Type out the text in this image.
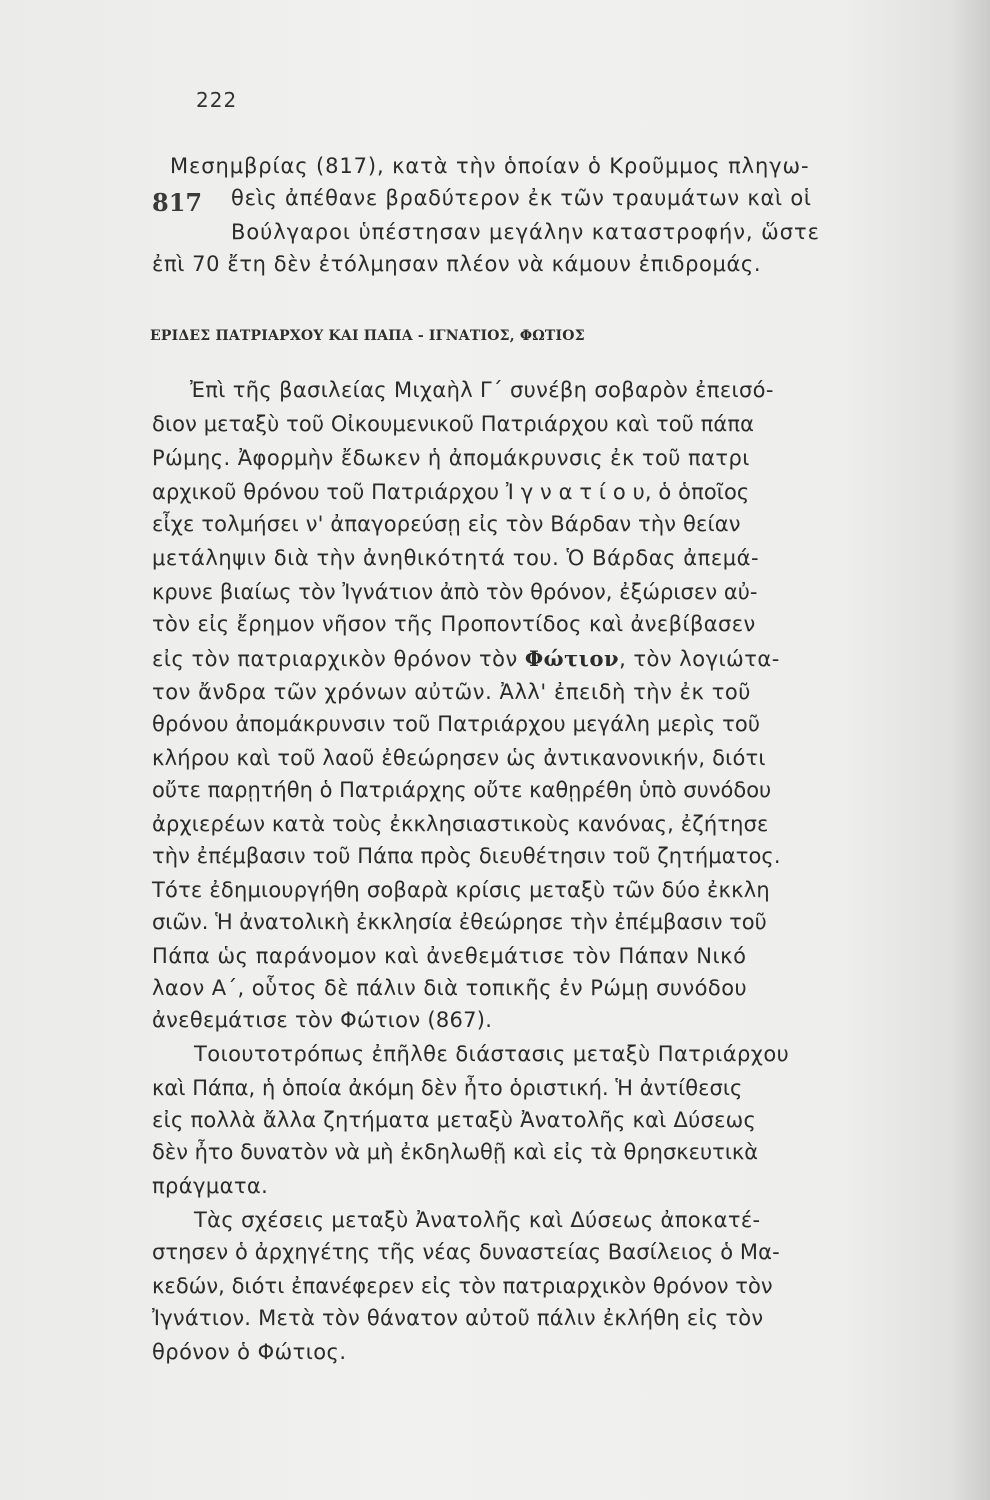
222
817
Μεσημβρίας (817), κατὰ τὴν ὁποίαν ὁ Κροῦμμος πληγω-
θεὶς ἀπέθανε βραδύτερον ἐκ τῶν τραυμάτων καὶ οἱ
Βούλγαροι ὑπέστησαν μεγάλην καταστροφήν, ὥστε
ἐπὶ 70 ἔτη δὲν ἐτόλμησαν πλέον νὰ κάμουν ἐπιδρομάς.
ΕΡΙΔΕΣ ΠΑΤΡΙΑΡΧΟΥ ΚΑΙ ΠΑΠΑ - ΙΓΝΑΤΙΟΣ, ΦΩΤΙΟΣ
Ἐπὶ τῆς βασιλείας Μιχαὴλ Γ΄ συνέβη σοβαρὸν ἐπεισό-
διον μεταξὺ τοῦ Οἰκουμενικοῦ Πατριάρχου καὶ τοῦ πάπα
Ρώμης. Ἀφορμὴν ἔδωκεν ἡ ἀπομάκρυνσις ἐκ τοῦ πατρι
αρχικοῦ θρόνου τοῦ Πατριάρχου Ἰ γ ν α τ ί ο υ, ὁ ὁποῖος
εἶχε τολμήσει ν' ἀπαγορεύσῃ εἰς τὸν Βάρδαν τὴν θείαν
μετάληψιν διὰ τὴν ἀνηθικότητά του. Ὁ Βάρδας ἀπεμά-
κρυνε βιαίως τὸν Ἰγνάτιον ἀπὸ τὸν θρόνον, ἐξώρισεν αὐ-
τὸν εἰς ἔρημον νῆσον τῆς Προποντίδος καὶ ἀνεβίβασεν
εἰς τὸν πατριαρχικὸν θρόνον τὸν Φώτιον, τὸν λογιώτα-
τον ἄνδρα τῶν χρόνων αὐτῶν. Ἀλλ' ἐπειδὴ τὴν ἐκ τοῦ
θρόνου ἀπομάκρυνσιν τοῦ Πατριάρχου μεγάλη μερὶς τοῦ
κλήρου καὶ τοῦ λαοῦ ἐθεώρησεν ὡς ἀντικανονικήν, διότι
οὔτε παρῃτήθη ὁ Πατριάρχης οὔτε καθῃρέθη ὑπὸ συνόδου
ἀρχιερέων κατὰ τοὺς ἐκκλησιαστικοὺς κανόνας, ἐζήτησε
τὴν ἐπέμβασιν τοῦ Πάπα πρὸς διευθέτησιν τοῦ ζητήματος.
Τότε ἐδημιουργήθη σοβαρὰ κρίσις μεταξὺ τῶν δύο ἐκκλη
σιῶν. Ἡ ἀνατολικὴ ἐκκλησία ἐθεώρησε τὴν ἐπέμβασιν τοῦ
Πάπα ὡς παράνομον καὶ ἀνεθεμάτισε τὸν Πάπαν Νικό
λαον Α΄, οὗτος δὲ πάλιν διὰ τοπικῆς ἐν Ρώμῃ συνόδου
ἀνεθεμάτισε τὸν Φώτιον (867).
Τοιουτοτρόπως ἐπῆλθε διάστασις μεταξὺ Πατριάρχου
καὶ Πάπα, ἡ ὁποία ἀκόμη δὲν ἦτο ὁριστική. Ἡ ἀντίθεσις
εἰς πολλὰ ἄλλα ζητήματα μεταξὺ Ἀνατολῆς καὶ Δύσεως
δὲν ἦτο δυνατὸν νὰ μὴ ἐκδηλωθῇ καὶ εἰς τὰ θρησκευτικὰ
πράγματα.
Τὰς σχέσεις μεταξὺ Ἀνατολῆς καὶ Δύσεως ἀποκατέ-
στησεν ὁ ἀρχηγέτης τῆς νέας δυναστείας Βασίλειος ὁ Μα-
κεδών, διότι ἐπανέφερεν εἰς τὸν πατριαρχικὸν θρόνον τὸν
Ἰγνάτιον. Μετὰ τὸν θάνατον αὐτοῦ πάλιν ἐκλήθη εἰς τὸν
θρόνον ὁ Φώτιος.
